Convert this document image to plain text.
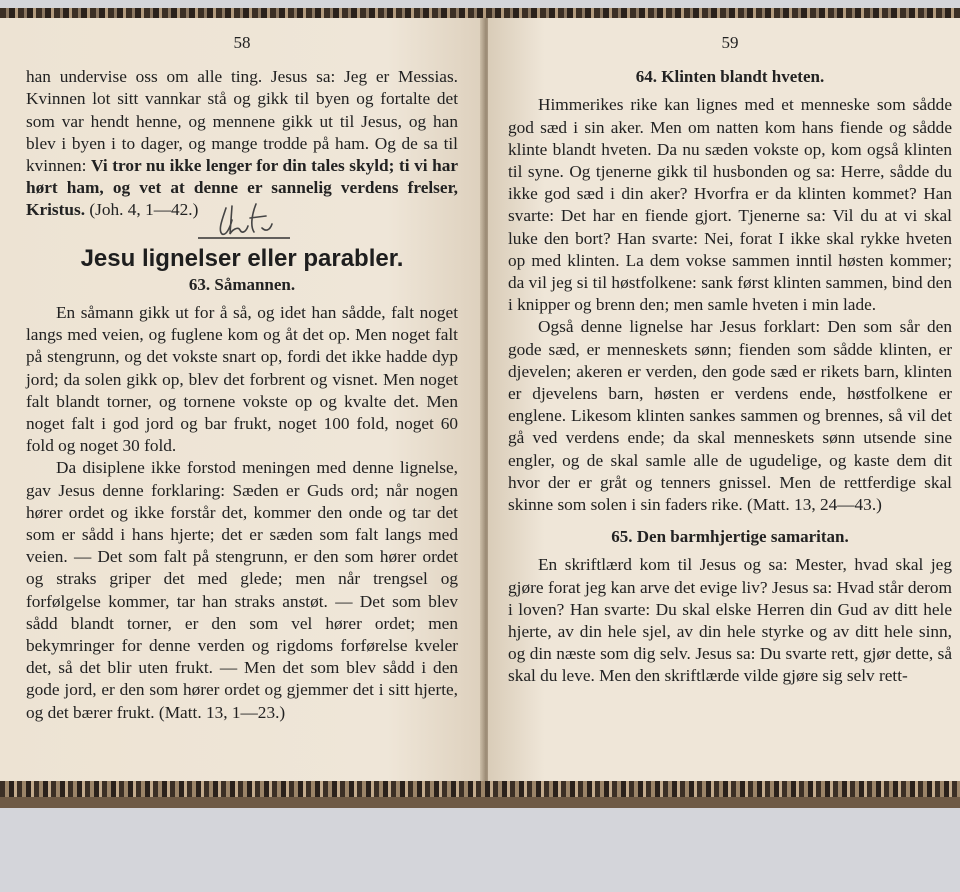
58

han undervise oss om alle ting. Jesus sa: Jeg er Messias. Kvinnen lot sitt vannkar stå og gikk til byen og fortalte det som var hendt henne, og mennene gikk ut til Jesus, og han blev i byen i to dager, og mange trodde på ham. Og de sa til kvinnen: Vi tror nu ikke lenger for din tales skyld; ti vi har hørt ham, og vet at denne er sannelig verdens frelser, Kristus. (Joh. 4, 1—42.)

Jesu lignelser eller parabler.
63. Såmannen.

En såmann gikk ut for å så, og idet han sådde, falt noget langs med veien, og fuglene kom og åt det op. Men noget falt på stengrunn, og det vokste snart op, fordi det ikke hadde dyp jord; da solen gikk op, blev det forbrent og visnet. Men noget falt blandt torner, og tornene vokste op og kvalte det. Men noget falt i god jord og bar frukt, noget 100 fold, noget 60 fold og noget 30 fold.

Da disiplene ikke forstod meningen med denne lignelse, gav Jesus denne forklaring: Sæden er Guds ord; når nogen hører ordet og ikke forstår det, kommer den onde og tar det som er sådd i hans hjerte; det er sæden som falt langs med veien. — Det som falt på stengrunn, er den som hører ordet og straks griper det med glede; men når trengsel og forfølgelse kommer, tar han straks anstøt. — Det som blev sådd blandt torner, er den som vel hører ordet; men bekymringer for denne verden og rigdoms forførelse kveler det, så det blir uten frukt. — Men det som blev sådd i den gode jord, er den som hører ordet og gjemmer det i sitt hjerte, og det bærer frukt. (Matt. 13, 1—23.)

59
64. Klinten blandt hveten.

Himmerikes rike kan lignes med et menneske som sådde god sæd i sin aker. Men om natten kom hans fiende og sådde klinte blandt hveten. Da nu sæden vokste op, kom også klinten til syne. Og tjenerne gikk til husbonden og sa: Herre, sådde du ikke god sæd i din aker? Hvorfra er da klinten kommet? Han svarte: Det har en fiende gjort. Tjenerne sa: Vil du at vi skal luke den bort? Han svarte: Nei, forat I ikke skal rykke hveten op med klinten. La dem vokse sammen inntil høsten kommer; da vil jeg si til høstfolkene: sank først klinten sammen, bind den i knipper og brenn den; men samle hveten i min lade.

Også denne lignelse har Jesus forklart: Den som sår den gode sæd, er menneskets sønn; fienden som sådde klinten, er djevelen; akeren er verden, den gode sæd er rikets barn, klinten er djevelens barn, høsten er verdens ende, høstfolkene er englene. Likesom klinten sankes sammen og brennes, så vil det gå ved verdens ende; da skal menneskets sønn utsende sine engler, og de skal samle alle de ugudelige, og kaste dem dit hvor der er gråt og tenners gnissel. Men de rettferdige skal skinne som solen i sin faders rike. (Matt. 13, 24—43.)

65. Den barmhjertige samaritan.

En skriftlærd kom til Jesus og sa: Mester, hvad skal jeg gjøre forat jeg kan arve det evige liv? Jesus sa: Hvad står derom i loven? Han svarte: Du skal elske Herren din Gud av ditt hele hjerte, av din hele sjel, av din hele styrke og av ditt hele sinn, og din næste som dig selv. Jesus sa: Du svarte rett, gjør dette, så skal du leve. Men den skriftlærde vilde gjøre sig selv rett-
